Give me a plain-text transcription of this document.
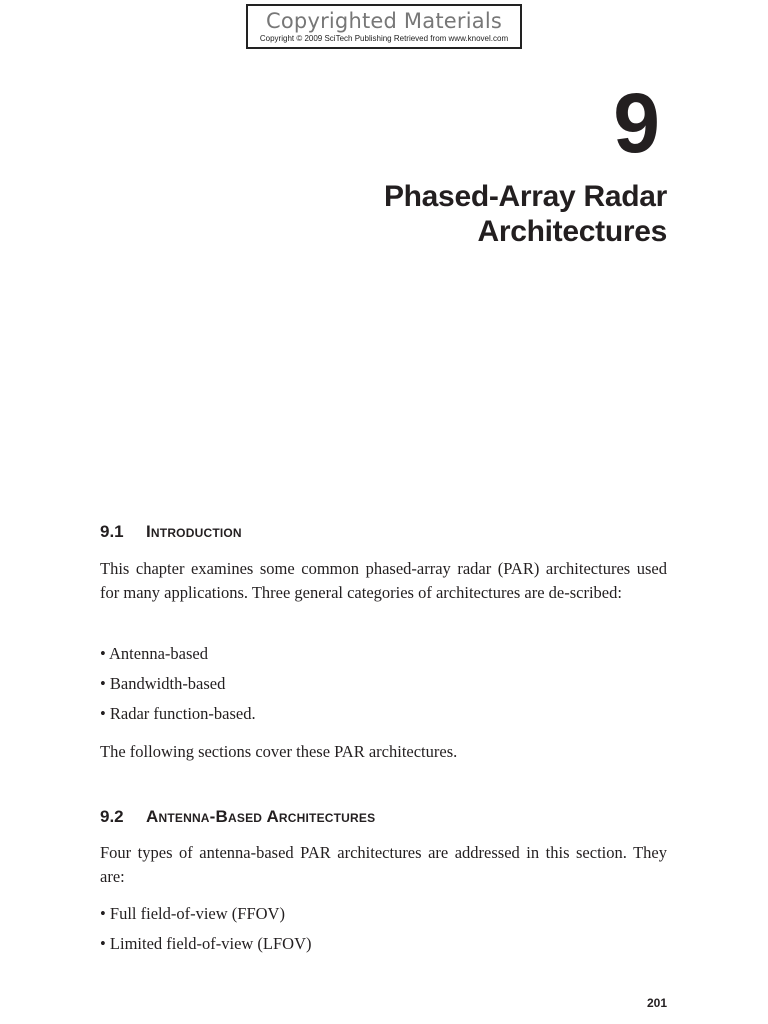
Copyrighted Materials
Copyright © 2009 SciTech Publishing Retrieved from www.knovel.com
9
Phased-Array Radar
Architectures
9.1 Introduction

This chapter examines some common phased-array radar (PAR) architectures used for many applications. Three general categories of architectures are de-scribed:

• Antenna-based
• Bandwidth-based
• Radar function-based.

The following sections cover these PAR architectures.

9.2 Antenna-Based Architectures

Four types of antenna-based PAR architectures are addressed in this section. They are:

• Full field-of-view (FFOV)
• Limited field-of-view (LFOV)
201
